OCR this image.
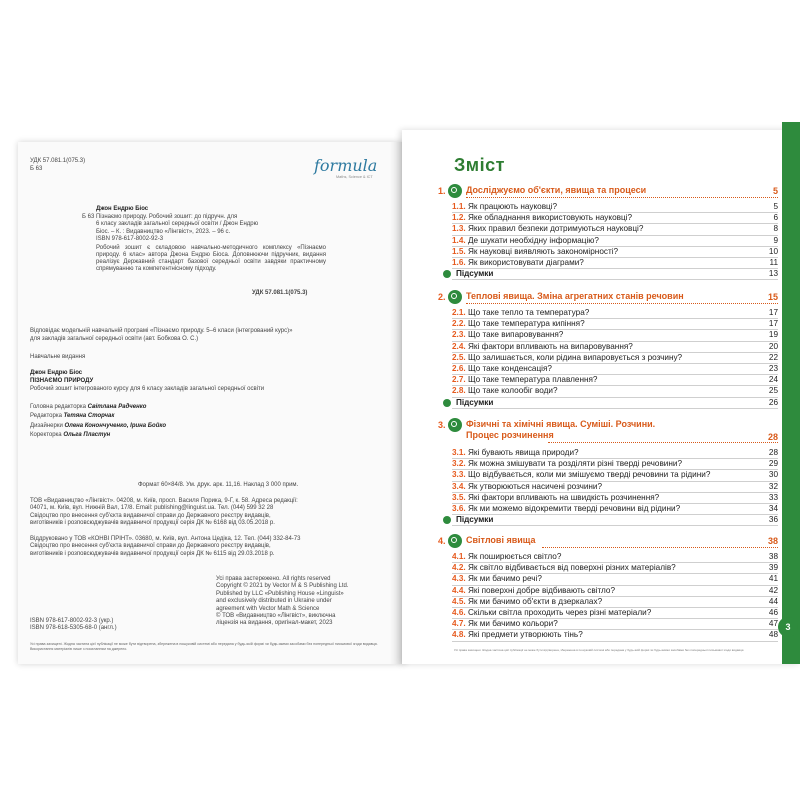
УДК 57.081.1(075.3)
Б 63	formula
Maths, Science & ICT
Джон Ендрю Біос
Б 63 Пізнаємо природу. Робочий зошит: до підручн. для
6 класу закладів загальної середньої освіти / Джон Ендрю
Біос. – К. : Видавництво «Лінгвіст», 2023. – 96 с.
ISBN 978-617-8002-92-3
Робочий зошит є складовою навчально-методичного комплексу «Пізнаємо природу. 6 клас» автора Джона Ендрю Біоса. Доповнюючи підручник, видання реалізує Державний стандарт базової середньої освіти завдяки практичному спрямуванню та компетентнісному підходу.
УДК 57.081.1(075.3)
Відповідає модельній навчальній програмі «Пізнаємо природу. 5–6 класи (інтегрований курс)»
для закладів загальної середньої освіти (авт. Бобкова О. С.)
Навчальне видання
Джон Ендрю Біос
ПІЗНАЄМО ПРИРОДУ
Робочий зошит інтегрованого курсу для 6 класу закладів загальної середньої освіти
Головна редакторка Світлана Радченко
Редакторка Тетяна Сторчак
Дизайнерки Олена Конончученко, Ірина Бойко
Коректорка Ольга Пластун
Формат 60×84/8. Ум. друк. арк. 11,16. Наклад 3 000 прим.
ТОВ «Видавництво «Лінгвіст». 04208, м. Київ, просп. Василя Порика, 9-Г, к. 58. Адреса редакції:
04071, м. Київ, вул. Нижній Вал, 17/8. Email: publishing@linguist.ua. Тел. (044) 599 32 28
Свідоцтво про внесення суб'єкта видавничої справи до Державного реєстру видавців,
виготівників і розповсюджувачів видавничої продукції серія ДК № 6168 від 03.05.2018 р.
Віддруковано у ТОВ «КОНВІ ПРІНТ». 03680, м. Київ, вул. Антона Цедіка, 12. Тел. (044) 332-84-73
Свідоцтво про внесення суб'єкта видавничої справи до Державного реєстру видавців,
виготівників і розповсюджувачів видавничої продукції серія ДК № 6115 від 29.03.2018 р.
Усі права застережено. All rights reserved
Copyright © 2021 by Vector M & S Publishing Ltd.
Published by LLC «Publishing House «Linguist»
and exclusively distributed in Ukraine under
agreement with Vector Math & Science
© ТОВ «Видавництво «Лінгвіст», виключна
ліцензія на видання, оригінал-макет, 2023
ISBN 978-617-8002-92-3 (укр.)
ISBN 978-618-5305-68-0 (англ.)
Усі права захищені. Жодна частина цієї публікації не може бути відтворена, збережена в пошуковій системі або передана у будь-якій формі чи будь-якими засобами без попередньої письмової згоди видавця. Використання матеріалів лише з посиланням на джерело.
Зміст
1. Досліджуємо об'єкти, явища та процеси	5
1.1. Як працюють науковці?	5
1.2. Яке обладнання використовують науковці?	6
1.3. Яких правил безпеки дотримуються науковці?	8
1.4. Де шукати необхідну інформацію?	9
1.5. Як науковці виявляють закономірності?	10
1.6. Як використовувати діаграми?	11
Підсумки	13
2. Теплові явища. Зміна агрегатних станів речовин	15
2.1. Що таке тепло та температура?	17
2.2. Що таке температура кипіння?	17
2.3. Що таке випаровування?	19
2.4. Які фактори впливають на випаровування?	20
2.5. Що залишається, коли рідина випаровується з розчину?	22
2.6. Що таке конденсація?	23
2.7. Що таке температура плавлення?	24
2.8. Що таке колообіг води?	25
Підсумки	26
3. Фізичні та хімічні явища. Суміші. Розчини.
Процес розчинення	28
3.1. Які бувають явища природи?	28
3.2. Як можна змішувати та розділяти різні тверді речовини?	29
3.3. Що відбувається, коли ми змішуємо тверді речовини та рідини?	30
3.4. Як утворюються насичені розчини?	32
3.5. Які фактори впливають на швидкість розчинення?	33
3.6. Як ми можемо відокремити тверді речовини від рідини?	34
Підсумки	36
4. Світлові явища	38
4.1. Як поширюється світло?	38
4.2. Як світло відбивається від поверхні різних матеріалів?	39
4.3. Як ми бачимо речі?	41
4.4. Які поверхні добре відбивають світло?	42
4.5. Як ми бачимо об'єкти в дзеркалах?	44
4.6. Скільки світла проходить через різні матеріали?	46
4.7. Як ми бачимо кольори?	47
4.8. Які предмети утворюють тінь?	48
Усі права захищені. Жодна частина цієї публікації не може бути відтворена, збережена в пошуковій системі або передана у будь-якій формі чи будь-якими засобами без попередньої письмової згоди видавця.
3
